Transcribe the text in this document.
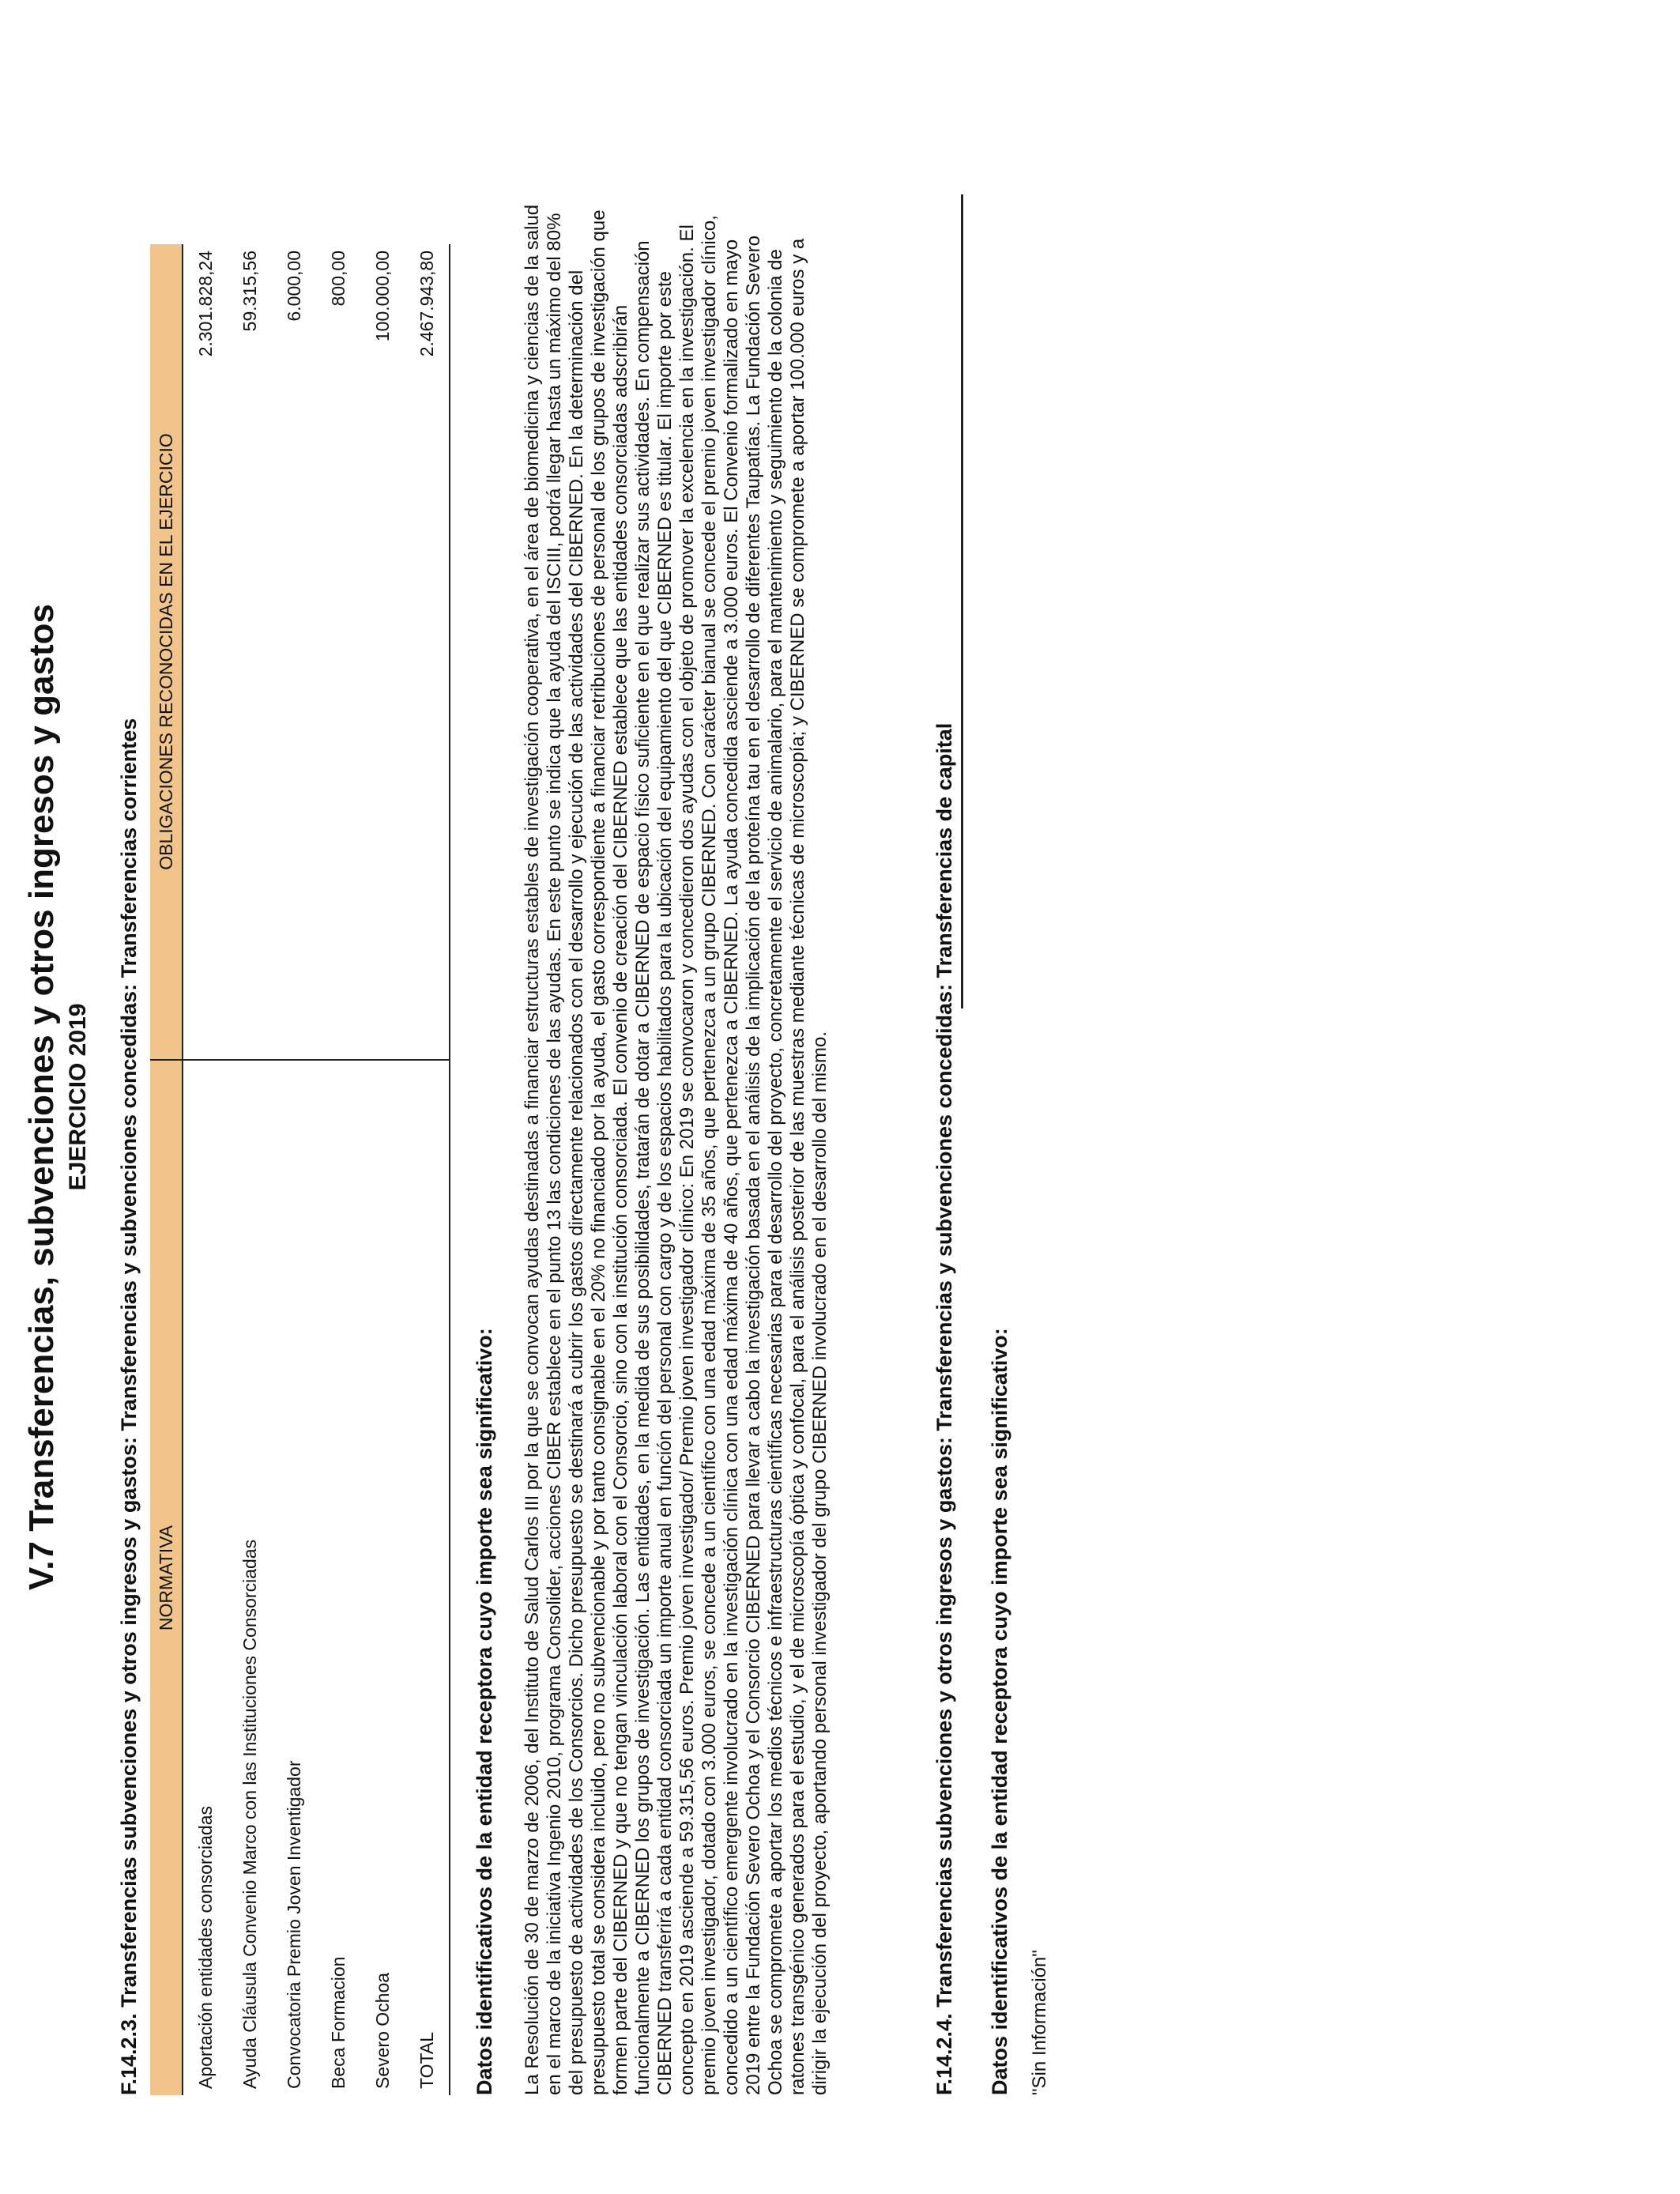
V.7 Transferencias, subvenciones y otros ingresos y gastos EJERCICIO 2019 F.14.2.3. Transferencias subvenciones y otros ingresos y gastos: Transferencias y subvenciones concedidas: Transferencias corrientes NORMATIVA	OBLIGACIONES RECONOCIDAS EN EL EJERCICIO
Aportación entidades consorciadas	2.301.828,24
Ayuda Cláusula Convenio Marco con las Instituciones Consorciadas	59.315,56
Convocatoria Premio Joven Inventigador	6.000,00
Beca Formacion	800,00
Severo Ochoa	100.000,00
TOTAL	2.467.943,80
Datos identificativos de la entidad receptora cuyo importe sea significativo: La Resolución de 30 de marzo de 2006, del Instituto de Salud Carlos III por la que se convocan ayudas destinadas a financiar estructuras estables de investigación cooperativa, en el área de biomedicina y ciencias de la salud en el marco de la iniciativa Ingenio 2010, programa Consolider, acciones CIBER establece en el punto 13 las condiciones de las ayudas. En este punto se indica que la ayuda del ISCIII, podrá llegar hasta un máximo del 80% del presupuesto de actividades de los Consorcios. Dicho presupuesto se destinará a cubrir los gastos directamente relacionados con el desarrollo y ejecución de las actividades del CIBERNED. En la determinación del presupuesto total se considera incluido, pero no subvencionable y por tanto consignable en el 20% no financiado por la ayuda, el gasto correspondiente a financiar retribuciones de personal de los grupos de investigación que formen parte del CIBERNED y que no tengan vinculación laboral con el Consorcio, sino con la institución consorciada. El convenio de creación del CIBERNED establece que las entidades consorciadas adscribirán funcionalmente a CIBERNED los grupos de investigación. Las entidades, en la medida de sus posibilidades, tratarán de dotar a CIBERNED de espacio físico suficiente en el que realizar sus actividades. En compensación CIBERNED transferirá a cada entidad consorciada un importe anual en función del personal con cargo y de los espacios habilitados para la ubicación del equipamiento del que CIBERNED es titular. El importe por este concepto en 2019 asciende a 59.315,56 euros. Premio joven investigador/ Premio joven investigador clínico: En 2019 se convocaron y concedieron dos ayudas con el objeto de promover la excelencia en la investigación. El premio joven investigador, dotado con 3.000 euros, se concede a un científico con una edad máxima de 35 años, que pertenezca a un grupo CIBERNED. Con carácter bianual se concede el premio joven investigador clínico, concedido a un científico emergente involucrado en la investigación clínica con una edad máxima de 40 años, que pertenezca a CIBERNED. La ayuda concedida asciende a 3.000 euros. El Convenio formalizado en mayo 2019 entre la Fundación Severo Ochoa y el Consorcio CIBERNED para llevar a cabo la investigación basada en el análisis de la implicación de la proteína tau en el desarrollo de diferentes Taupatías. La Fundación Severo Ochoa se compromete a aportar los medios técnicos e infraestructuras científicas necesarias para el desarrollo del proyecto, concretamente el servicio de animalario, para el mantenimiento y seguimiento de la colonia de ratones transgénico generados para el estudio, y el de microscopía óptica y confocal, para el análisis posterior de las muestras mediante técnicas de microscopía; y CIBERNED se compromete a aportar 100.000 euros y a dirigir la ejecución del proyecto, aportando personal investigador del grupo CIBERNED involucrado en el desarrollo del mismo.	F.14.2.4. Transferencias subvenciones y otros ingresos y gastos: Transferencias y subvenciones concedidas: Transferencias de capital Datos identificativos de la entidad receptora cuyo importe sea significativo: "Sin Información"
